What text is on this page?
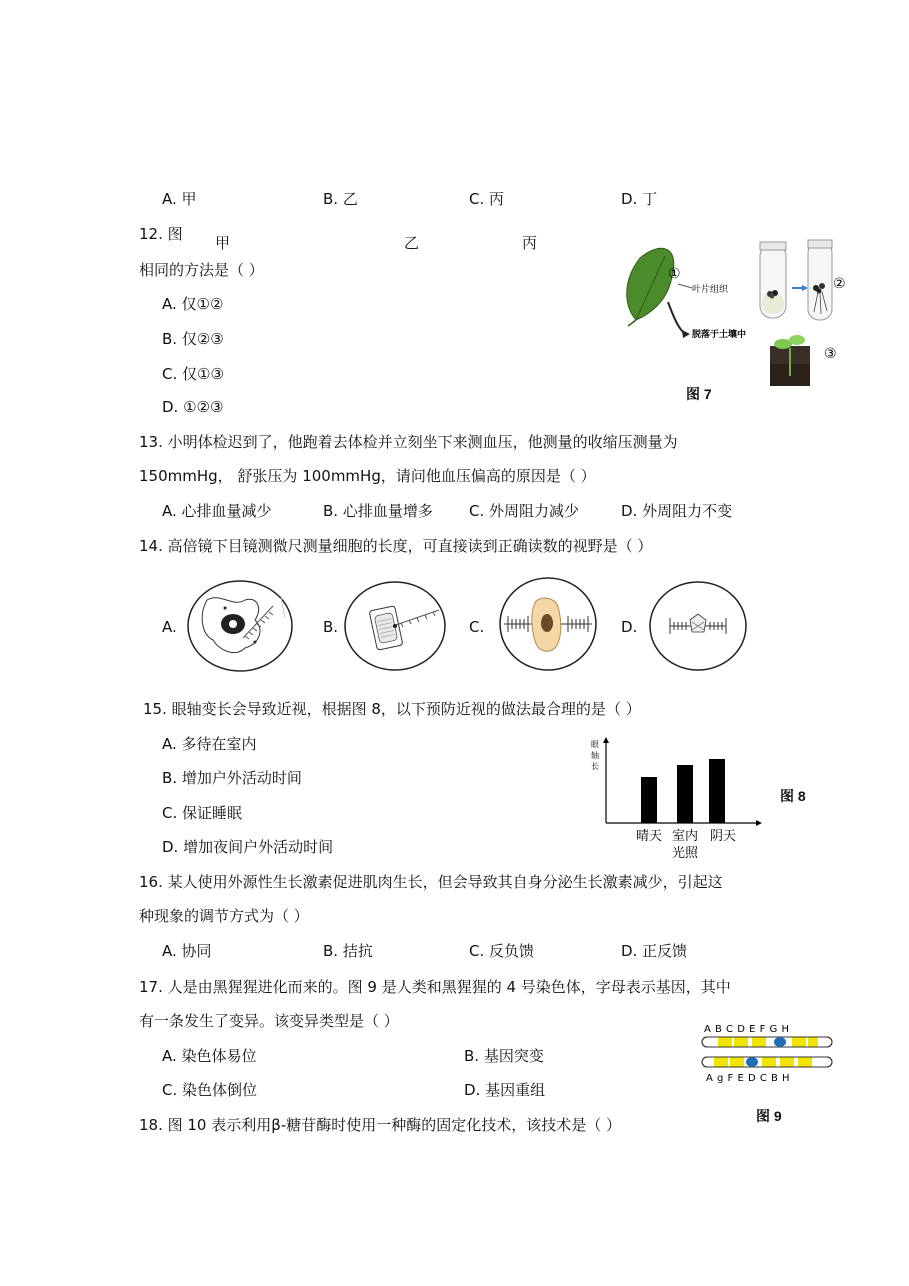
A. 甲	B. 乙	C. 丙	D. 丁
12. 图 甲	乙	丙
相同的方法是（ ）
A. 仅①②
B. 仅②③
C. 仅①③
D. ①②③
①
叶片组织
脱落于土壤中
②
③
图 7
13. 小明体检迟到了，他跑着去体检并立刻坐下来测血压，他测量的收缩压测量为
150mmHg， 舒张压为 100mmHg，请问他血压偏高的原因是（ ）
A. 心排血量减少	B. 心排血量增多 C. 外周阻力减少	D. 外周阻力不变
14. 高倍镜下目镜测微尺测量细胞的长度，可直接读到正确读数的视野是（ ）
A.	B.	C.	D.
15. 眼轴变长会导致近视，根据图 8，以下预防近视的做法最合理的是（ ）
A. 多待在室内
B. 增加户外活动时间
C. 保证睡眠
D. 增加夜间户外活动时间
眼
轴
长
晴天 室内
光照
阴天
图 8
16. 某人使用外源性生长激素促进肌肉生长，但会导致其自身分泌生长激素减少，引起这
种现象的调节方式为（ ）
A. 协同	B. 拮抗	C. 反负馈	D. 正反馈
17. 人是由黑猩猩进化而来的。图 9 是人类和黑猩猩的 4 号染色体，字母表示基因，其中
有一条发生了变异。该变异类型是（ ）
A. 染色体易位	B. 基因突变
C. 染色体倒位	D. 基因重组
A B C D E F G H
A g F E D C B H
图 9
18. 图 10 表示利用β-糖苷酶时使用一种酶的固定化技术，该技术是（ ）
